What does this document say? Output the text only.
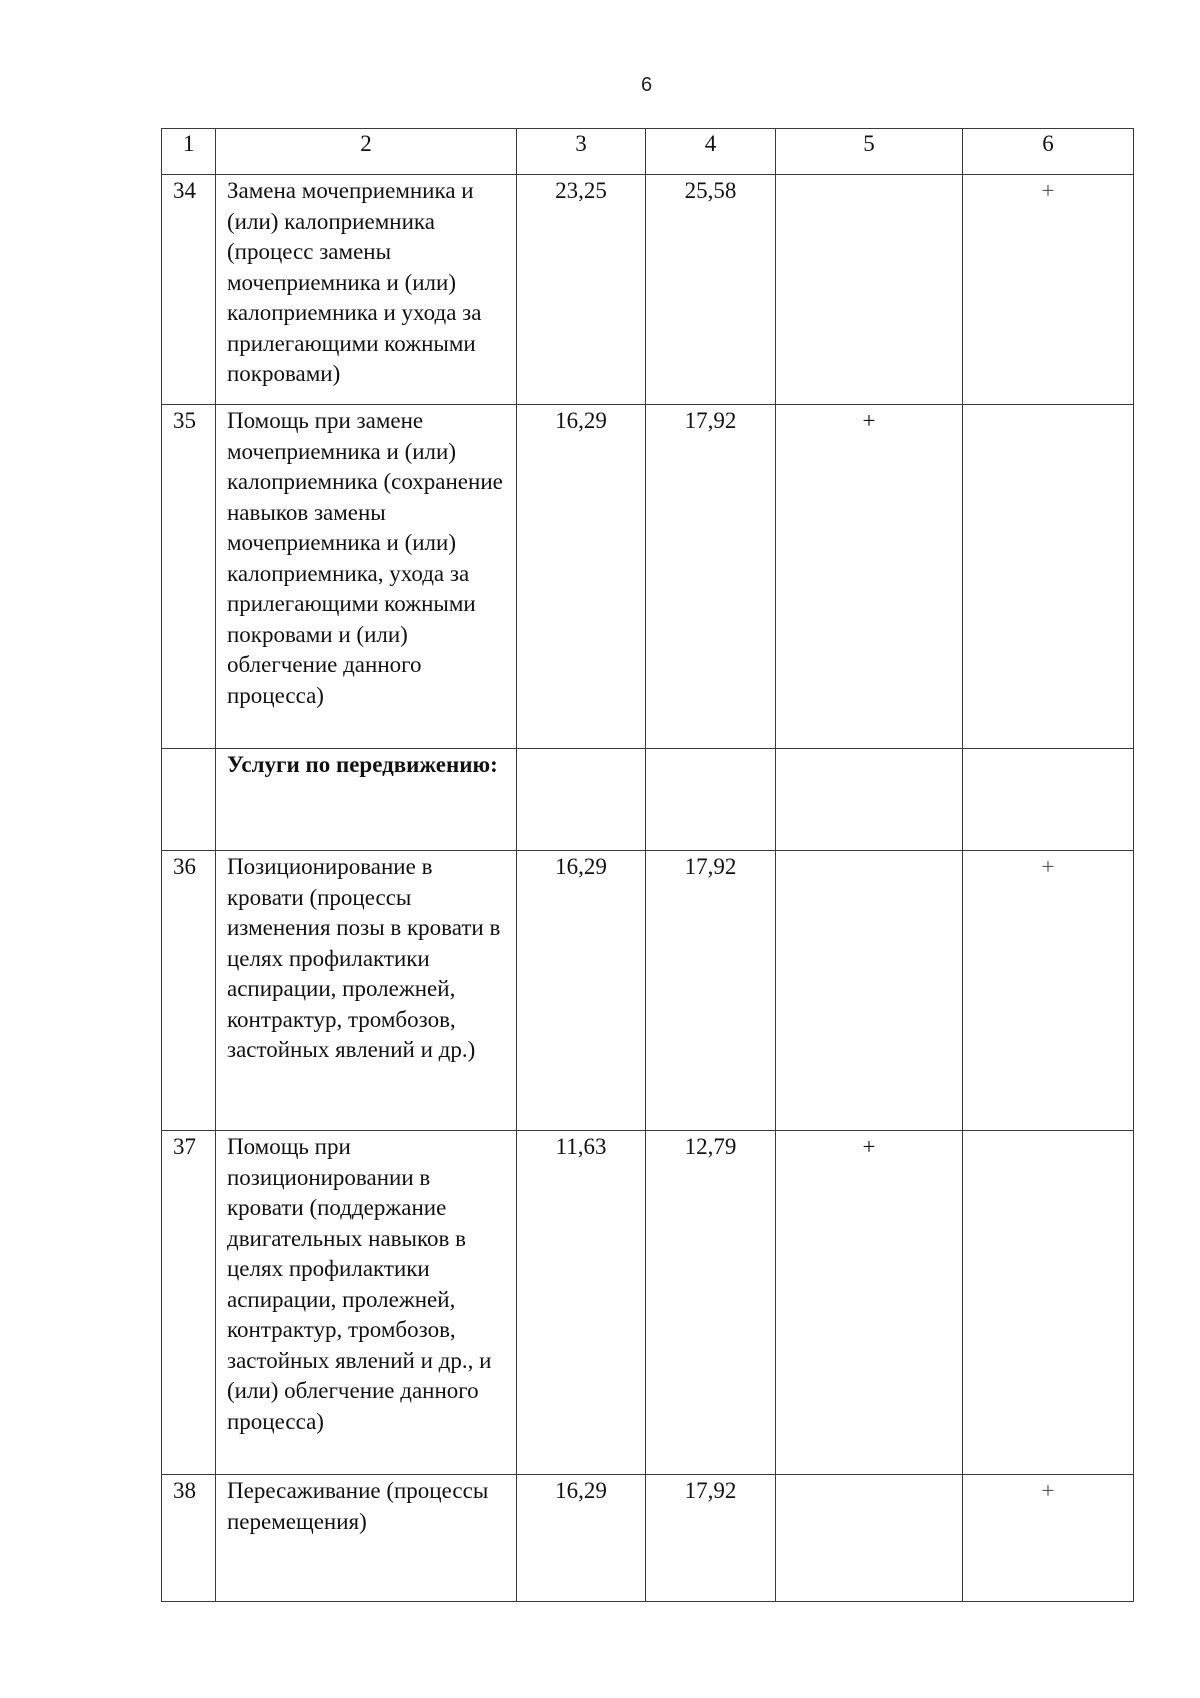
6
1	2	3	4	5	6
34	Замена мочеприемника и (или) калоприемника (процесс замены мочеприемника и (или) калоприемника и ухода за прилегающими кожными покровами)	23,25	25,58		+
35	Помощь при замене мочеприемника и (или) калоприемника (сохранение навыков замены мочеприемника и (или) калоприемника, ухода за прилегающими кожными покровами и (или) облегчение данного процесса)	16,29	17,92	+	
	Услуги по передвижению:				
36	Позиционирование в кровати (процессы изменения позы в кровати в целях профилактики аспирации, пролежней, контрактур, тромбозов, застойных явлений и др.)	16,29	17,92		+
37	Помощь при позиционировании в кровати (поддержание двигательных навыков в целях профилактики аспирации, пролежней, контрактур, тромбозов, застойных явлений и др., и (или) облегчение данного процесса)	11,63	12,79	+	
38	Пересаживание (процессы перемещения)	16,29	17,92		+
